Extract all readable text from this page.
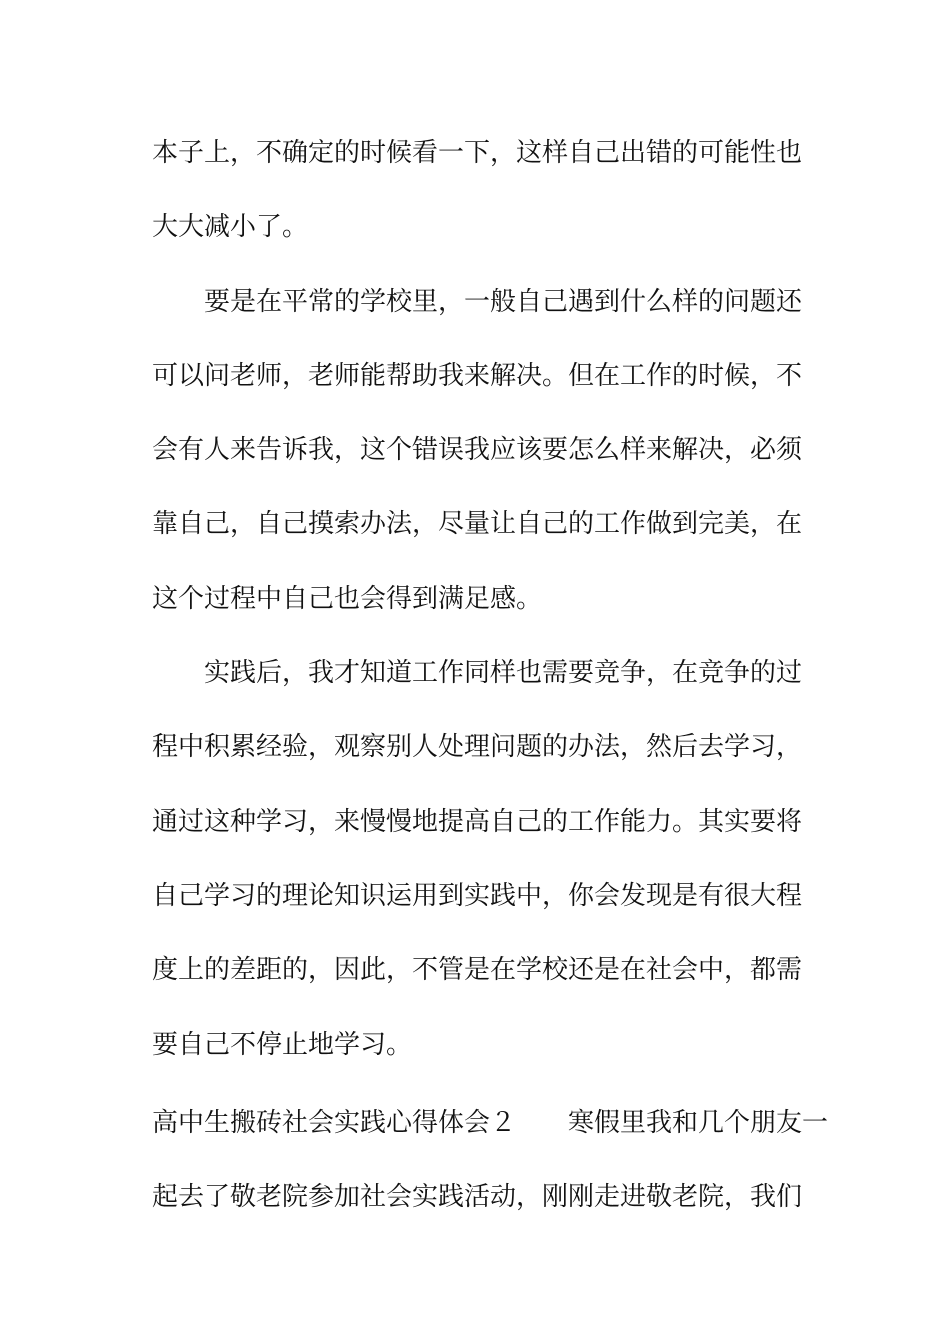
本子上，不确定的时候看一下，这样自己出错的可能性也
大大减小了。
要是在平常的学校里，一般自己遇到什么样的问题还
可以问老师，老师能帮助我来解决。但在工作的时候，不
会有人来告诉我，这个错误我应该要怎么样来解决，必须
靠自己，自己摸索办法，尽量让自己的工作做到完美，在
这个过程中自己也会得到满足感。
实践后，我才知道工作同样也需要竞争，在竞争的过
程中积累经验，观察别人处理问题的办法，然后去学习，
通过这种学习，来慢慢地提高自己的工作能力。其实要将
自己学习的理论知识运用到实践中，你会发现是有很大程
度上的差距的，因此，不管是在学校还是在社会中，都需
要自己不停止地学习。
高中生搬砖社会实践心得体会２ 寒假里我和几个朋友一
起去了敬老院参加社会实践活动，刚刚走进敬老院，我们
